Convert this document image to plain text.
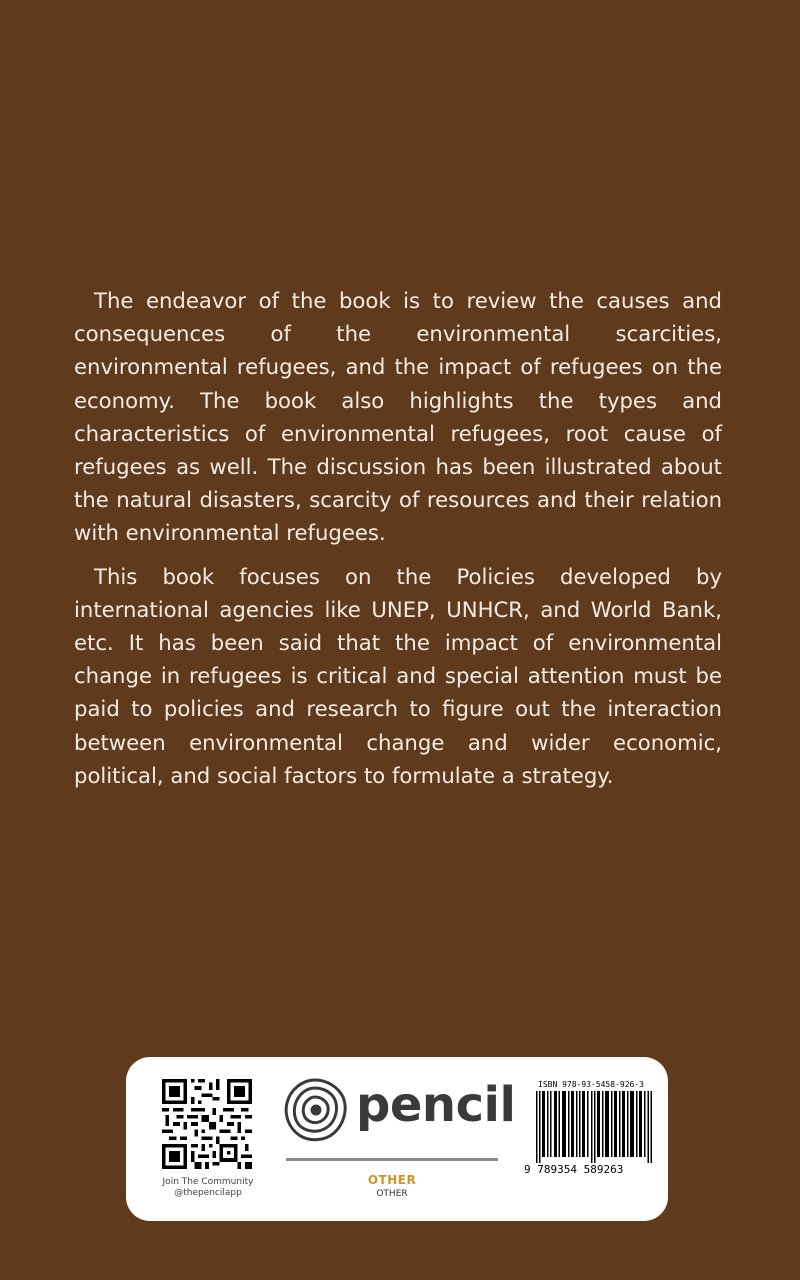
The endeavor of the book is to review the causes and consequences of the environmental scarcities, environmental refugees, and the impact of refugees on the economy. The book also highlights the types and characteristics of environmental refugees, root cause of refugees as well. The discussion has been illustrated about the natural disasters, scarcity of resources and their relation with environmental refugees.

This book focuses on the Policies developed by international agencies like UNEP, UNHCR, and World Bank, etc. It has been said that the impact of environmental change in refugees is critical and special attention must be paid to policies and research to figure out the interaction between environmental change and wider economic, political, and social factors to formulate a strategy.

Join The Community
@thepencilapp
pencil
OTHER
OTHER
ISBN 978-93-5458-926-3
9 789354 589263
